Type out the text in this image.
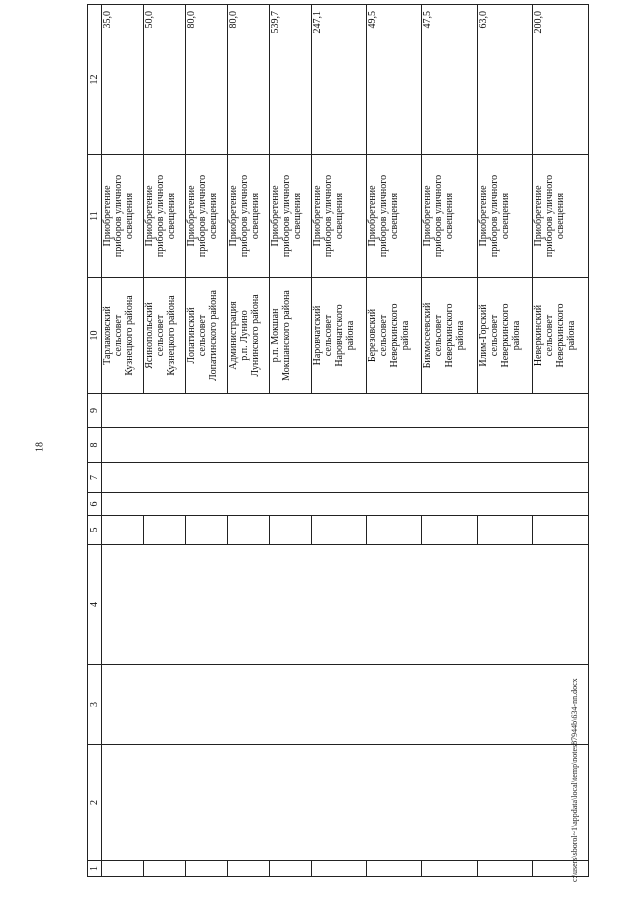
18
c:\users\sborol~1\appdata\local\temp\notes87944b\634-nn.docx
1	2	3	4	5	6	7	8	9	10	11	12
									Тарлаковский
сельсовет
Кузнецкого района	Приобретение
приборов уличного
освещения	35,0
									Ясинопольский
сельсовет
Кузнецкого района	Приобретение
приборов уличного
освещения	50,0
									Лопатинский
сельсовет
Лопатинского района	Приобретение
приборов уличного
освещения	80,0
									Администрация
р.п. Лунино
Лунинского района	Приобретение
приборов уличного
освещения	80,0
									р.п. Мокшан
Мокшанского района	Приобретение
приборов уличного
освещения	539,7
									Наровчатский
сельсовет
Наровчатского
района	Приобретение
приборов уличного
освещения	247,1
									Березовский
сельсовет
Неверкинского
района	Приобретение
приборов уличного
освещения	49,5
									Бикмосеевский
сельсовет
Неверкинского
района	Приобретение
приборов уличного
освещения	47,5
									Илим-Горский
сельсовет
Неверкинского
района	Приобретение
приборов уличного
освещения	63,0
									Неверкинский
сельсовет
Неверкинского
района	Приобретение
приборов уличного
освещения	200,0
